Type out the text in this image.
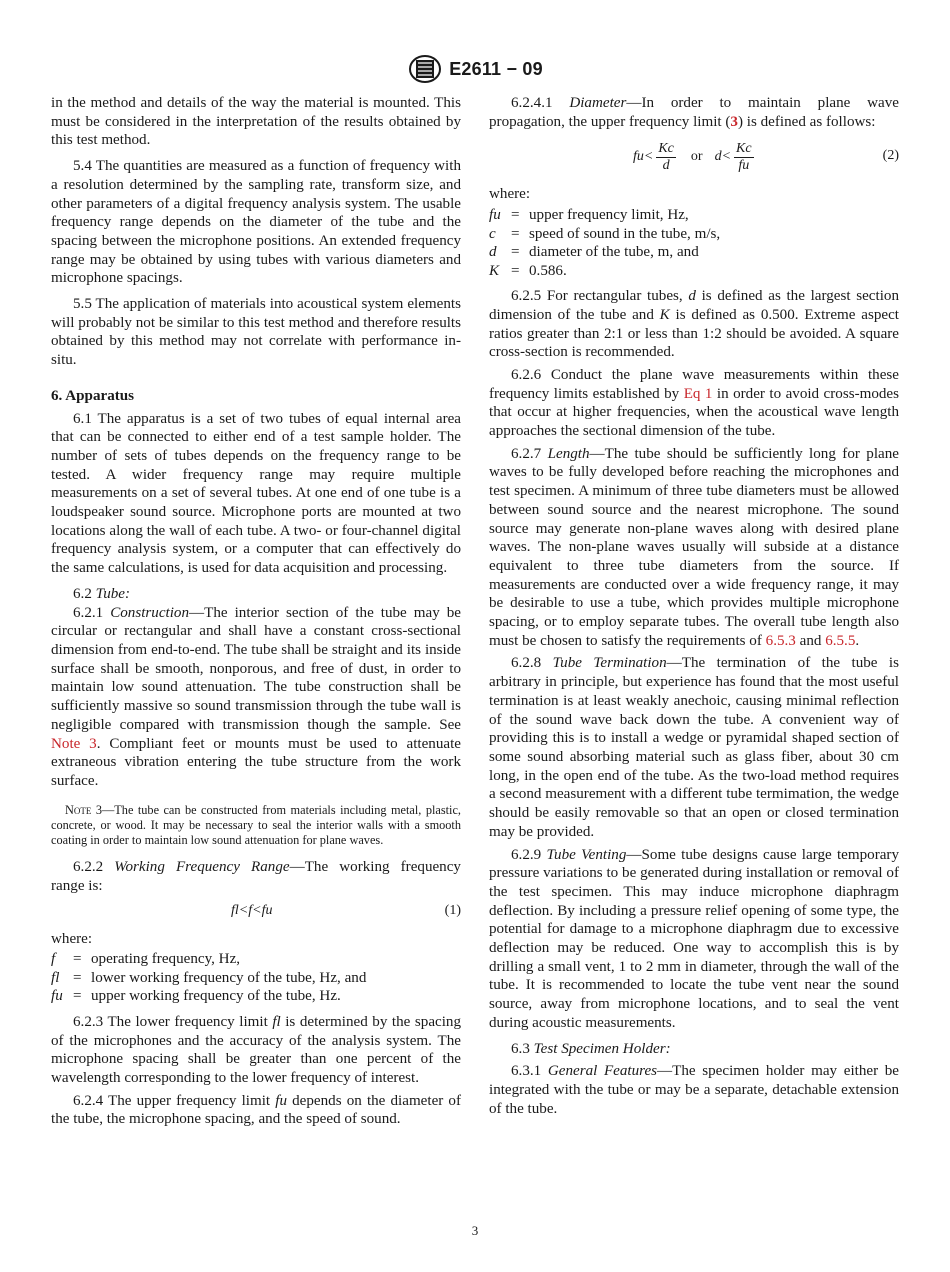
E2611 − 09

in the method and details of the way the material is mounted. This must be considered in the interpretation of the results obtained by this test method.

5.4 The quantities are measured as a function of frequency with a resolution determined by the sampling rate, transform size, and other parameters of a digital frequency analysis system. The usable frequency range depends on the diameter of the tube and the spacing between the microphone positions. An extended frequency range may be obtained by using tubes with various diameters and microphone spacings.

5.5 The application of materials into acoustical system elements will probably not be similar to this test method and therefore results obtained by this method may not correlate with performance in-situ.

6. Apparatus

6.1 The apparatus is a set of two tubes of equal internal area that can be connected to either end of a test sample holder. The number of sets of tubes depends on the frequency range to be tested. A wider frequency range may require multiple measurements on a set of several tubes. At one end of one tube is a loudspeaker sound source. Microphone ports are mounted at two locations along the wall of each tube. A two- or four-channel digital frequency analysis system, or a computer that can effectively do the same calculations, is used for data acquisition and processing.

6.2 Tube:

6.2.1 Construction—The interior section of the tube may be circular or rectangular and shall have a constant cross-sectional dimension from end-to-end. The tube shall be straight and its inside surface shall be smooth, nonporous, and free of dust, in order to maintain low sound attenuation. The tube construction shall be sufficiently massive so sound transmission through the tube wall is negligible compared with transmission though the sample. See Note 3. Compliant feet or mounts must be used to attenuate extraneous vibration entering the tube structure from the work surface.

Note 3—The tube can be constructed from materials including metal, plastic, concrete, or wood. It may be necessary to seal the interior walls with a smooth coating in order to maintain low sound attenuation for plane waves.

6.2.2 Working Frequency Range—The working frequency range is:

fl<f<fu	(1)
where:
f	= operating frequency, Hz,
fl = lower working frequency of the tube, Hz, and
fu = upper working frequency of the tube, Hz.

6.2.3 The lower frequency limit fl is determined by the spacing of the microphones and the accuracy of the analysis system. The microphone spacing shall be greater than one percent of the wavelength corresponding to the lower frequency of interest.

6.2.4 The upper frequency limit fu depends on the diameter of the tube, the microphone spacing, and the speed of sound.

6.2.4.1 Diameter—In order to maintain plane wave propagation, the upper frequency limit (3) is defined as follows:

$fu< \frac{Kc}{d}$ or $d< \frac{Kc}{fu}$	(2)
where:
fu = upper frequency limit, Hz,
c	= speed of sound in the tube, m/s,
d = diameter of the tube, m, and
K = 0.586.

6.2.5 For rectangular tubes, d is defined as the largest section dimension of the tube and K is defined as 0.500. Extreme aspect ratios greater than 2:1 or less than 1:2 should be avoided. A square cross-section is recommended.

6.2.6 Conduct the plane wave measurements within these frequency limits established by Eq 1 in order to avoid cross-modes that occur at higher frequencies, when the acoustical wave length approaches the sectional dimension of the tube.

6.2.7 Length—The tube should be sufficiently long for plane waves to be fully developed before reaching the microphones and test specimen. A minimum of three tube diameters must be allowed between sound source and the nearest microphone. The sound source may generate non-plane waves along with desired plane waves. The non-plane waves usually will subside at a distance equivalent to three tube diameters from the source. If measurements are conducted over a wide frequency range, it may be desirable to use a tube, which provides multiple microphone spacing, or to employ separate tubes. The overall tube length also must be chosen to satisfy the requirements of 6.5.3 and 6.5.5.

6.2.8 Tube Termination—The termination of the tube is arbitrary in principle, but experience has found that the most useful termination is at least weakly anechoic, causing minimal reflection of the sound wave back down the tube. A convenient way of providing this is to install a wedge or pyramidal shaped section of some sound absorbing material such as glass fiber, about 30 cm long, in the open end of the tube. As the two-load method requires a second measurement with a different tube termimation, the wedge should be easily removable so that an open or closed termination may be provided.

6.2.9 Tube Venting—Some tube designs cause large temporary pressure variations to be generated during installation or removal of the test specimen. This may induce microphone diaphragm deflection. By including a pressure relief opening of some type, the potential for damage to a microphone diaphragm due to excessive deflection may be reduced. One way to accomplish this is by drilling a small vent, 1 to 2 mm in diameter, through the wall of the tube. It is recommended to locate the tube vent near the sound source, away from microphone locations, and to seal the vent during acoustic measurements.

6.3 Test Specimen Holder:

6.3.1 General Features—The specimen holder may either be integrated with the tube or may be a separate, detachable extension of the tube.

3
